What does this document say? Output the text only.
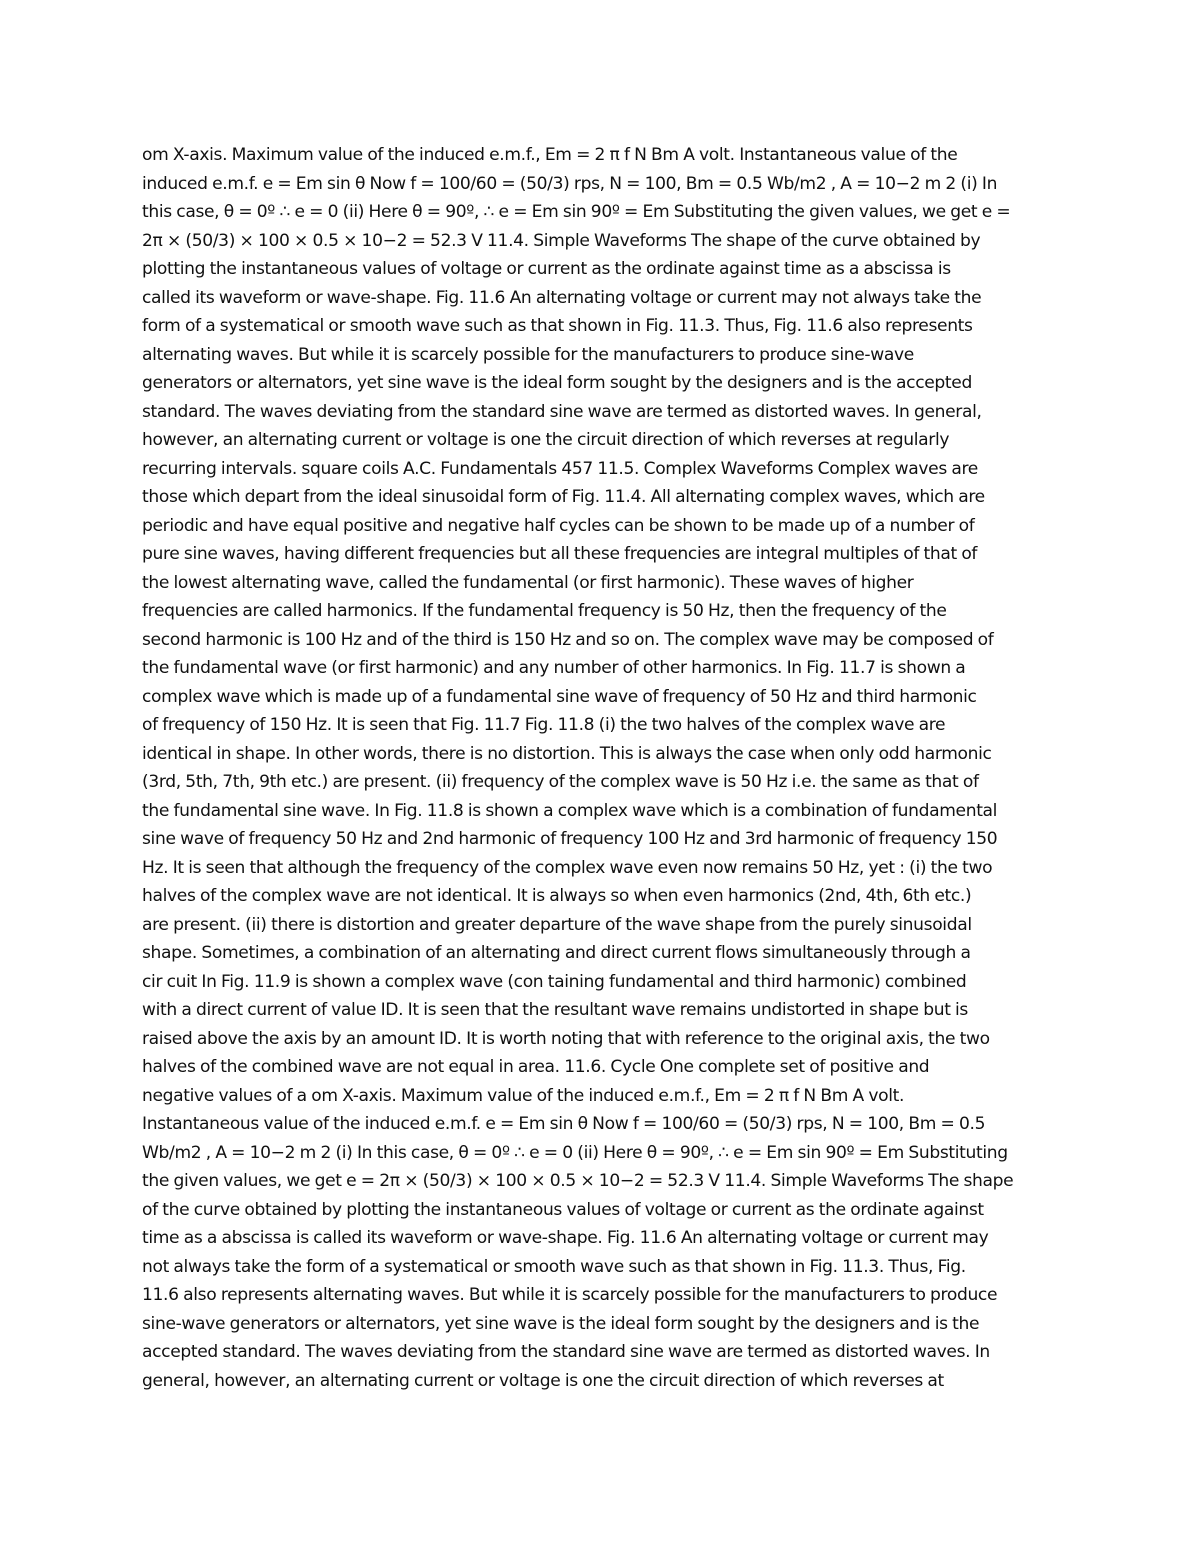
om X-axis. Maximum value of the induced e.m.f., Em = 2 π f N Bm A volt. Instantaneous value of the
induced e.m.f. e = Em sin θ Now f = 100/60 = (50/3) rps, N = 100, Bm = 0.5 Wb/m2 , A = 10−2 m 2 (i) In
this case, θ = 0º ∴ e = 0 (ii) Here θ = 90º, ∴ e = Em sin 90º = Em Substituting the given values, we get e =
2π × (50/3) × 100 × 0.5 × 10−2 = 52.3 V 11.4. Simple Waveforms The shape of the curve obtained by
plotting the instantaneous values of voltage or current as the ordinate against time as a abscissa is
called its waveform or wave-shape. Fig. 11.6 An alternating voltage or current may not always take the
form of a systematical or smooth wave such as that shown in Fig. 11.3. Thus, Fig. 11.6 also represents
alternating waves. But while it is scarcely possible for the manufacturers to produce sine-wave
generators or alternators, yet sine wave is the ideal form sought by the designers and is the accepted
standard. The waves deviating from the standard sine wave are termed as distorted waves. In general,
however, an alternating current or voltage is one the circuit direction of which reverses at regularly
recurring intervals. square coils A.C. Fundamentals 457 11.5. Complex Waveforms Complex waves are
those which depart from the ideal sinusoidal form of Fig. 11.4. All alternating complex waves, which are
periodic and have equal positive and negative half cycles can be shown to be made up of a number of
pure sine waves, having different frequencies but all these frequencies are integral multiples of that of
the lowest alternating wave, called the fundamental (or first harmonic). These waves of higher
frequencies are called harmonics. If the fundamental frequency is 50 Hz, then the frequency of the
second harmonic is 100 Hz and of the third is 150 Hz and so on. The complex wave may be composed of
the fundamental wave (or first harmonic) and any number of other harmonics. In Fig. 11.7 is shown a
complex wave which is made up of a fundamental sine wave of frequency of 50 Hz and third harmonic
of frequency of 150 Hz. It is seen that Fig. 11.7 Fig. 11.8 (i) the two halves of the complex wave are
identical in shape. In other words, there is no distortion. This is always the case when only odd harmonic
(3rd, 5th, 7th, 9th etc.) are present. (ii) frequency of the complex wave is 50 Hz i.e. the same as that of
the fundamental sine wave. In Fig. 11.8 is shown a complex wave which is a combination of fundamental
sine wave of frequency 50 Hz and 2nd harmonic of frequency 100 Hz and 3rd harmonic of frequency 150
Hz. It is seen that although the frequency of the complex wave even now remains 50 Hz, yet : (i) the two
halves of the complex wave are not identical. It is always so when even harmonics (2nd, 4th, 6th etc.)
are present. (ii) there is distortion and greater departure of the wave shape from the purely sinusoidal
shape. Sometimes, a combination of an alternating and direct current flows simultaneously through a
cir cuit In Fig. 11.9 is shown a complex wave (con taining fundamental and third harmonic) combined
with a direct current of value ID. It is seen that the resultant wave remains undistorted in shape but is
raised above the axis by an amount ID. It is worth noting that with reference to the original axis, the two
halves of the combined wave are not equal in area. 11.6. Cycle One complete set of positive and
negative values of a om X-axis. Maximum value of the induced e.m.f., Em = 2 π f N Bm A volt.
Instantaneous value of the induced e.m.f. e = Em sin θ Now f = 100/60 = (50/3) rps, N = 100, Bm = 0.5
Wb/m2 , A = 10−2 m 2 (i) In this case, θ = 0º ∴ e = 0 (ii) Here θ = 90º, ∴ e = Em sin 90º = Em Substituting
the given values, we get e = 2π × (50/3) × 100 × 0.5 × 10−2 = 52.3 V 11.4. Simple Waveforms The shape
of the curve obtained by plotting the instantaneous values of voltage or current as the ordinate against
time as a abscissa is called its waveform or wave-shape. Fig. 11.6 An alternating voltage or current may
not always take the form of a systematical or smooth wave such as that shown in Fig. 11.3. Thus, Fig.
11.6 also represents alternating waves. But while it is scarcely possible for the manufacturers to produce
sine-wave generators or alternators, yet sine wave is the ideal form sought by the designers and is the
accepted standard. The waves deviating from the standard sine wave are termed as distorted waves. In
general, however, an alternating current or voltage is one the circuit direction of which reverses at
